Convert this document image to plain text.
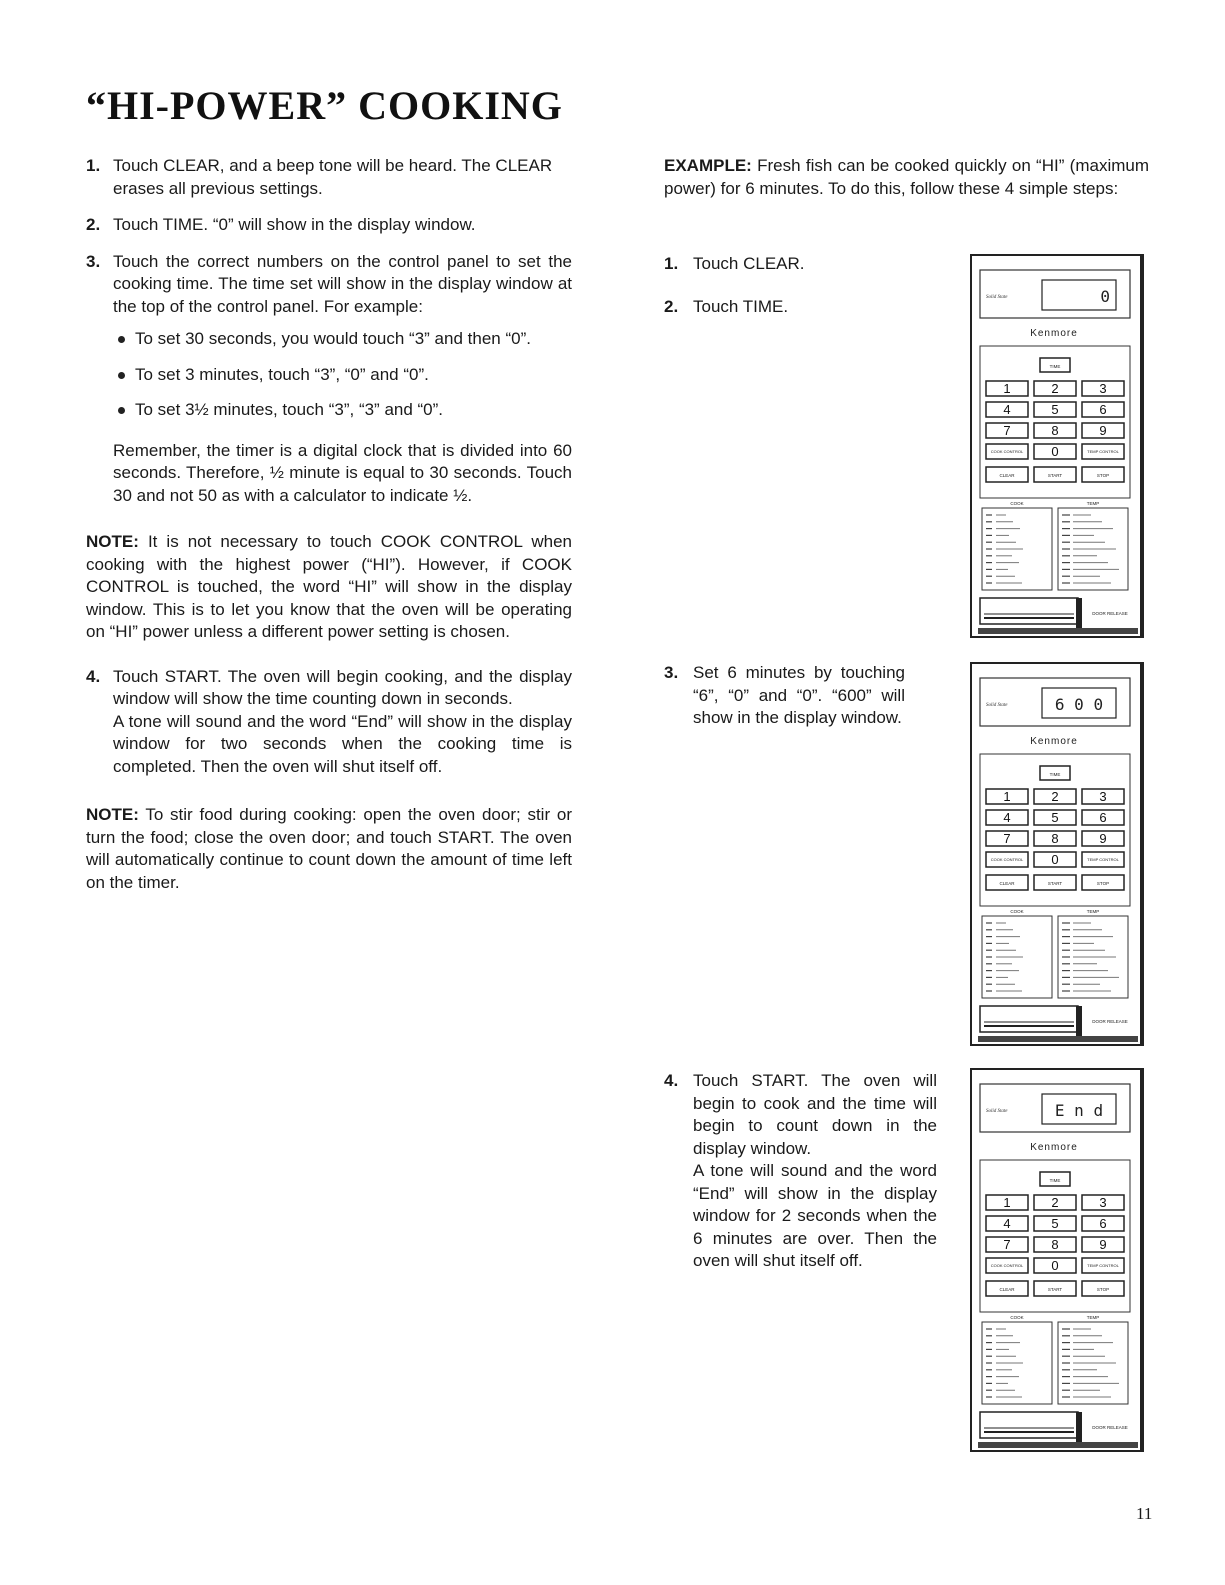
“HI-POWER” COOKING
1. Touch CLEAR, and a beep tone will be heard. The CLEAR erases all previous settings.
2. Touch TIME. “0” will show in the display window.
3. Touch the correct numbers on the control panel to set the cooking time. The time set will show in the display window at the top of the control panel. For example:
To set 30 seconds, you would touch “3” and then “0”.
To set 3 minutes, touch “3”, “0” and “0”.
To set 3½ minutes, touch “3”, “3” and “0”.

Remember, the timer is a digital clock that is divided into 60 seconds. Therefore, ½ minute is equal to 30 seconds. Touch 30 and not 50 as with a calculator to indicate ½.

NOTE: It is not necessary to touch COOK CONTROL when cooking with the highest power (“HI”). However, if COOK CONTROL is touched, the word “HI” will show in the display window. This is to let you know that the oven will be operating on “HI” power unless a different power setting is chosen.

4. Touch START. The oven will begin cooking, and the display window will show the time counting down in seconds.
A tone will sound and the word “End” will show in the display window for two seconds when the cooking time is completed. Then the oven will shut itself off.

NOTE: To stir food during cooking: open the oven door; stir or turn the food; close the oven door; and touch START. The oven will automatically continue to count down the amount of time left on the timer.

EXAMPLE: Fresh fish can be cooked quickly on “HI” (maximum power) for 6 minutes. To do this, follow these 4 simple steps:

1. Touch CLEAR.
2. Touch TIME.
3. Set 6 minutes by touching “6”, “0” and “0”. “600” will show in the display window.
4. Touch START. The oven will begin to cook and the time will begin to count down in the display window.
A tone will sound and the word “End” will show in the display window for 2 seconds when the 6 minutes are over. Then the oven will shut itself off.
Solid State	0
Kenmore
TIME
1	2	3
4	5	6
7	8	9
COOK CONTROL 0	TEMP CONTROL
CLEAR	START	STOP
COOK	TEMP
DOOR RELEASE
Solid State	6 0 0
Kenmore
TIME
1	2	3
4	5	6
7	8	9
COOK CONTROL 0	TEMP CONTROL
CLEAR	START	STOP
COOK	TEMP
DOOR RELEASE
Solid State	E n d
Kenmore
TIME
1	2	3
4	5	6
7	8	9
COOK CONTROL 0	TEMP CONTROL
CLEAR	START	STOP
COOK	TEMP
DOOR RELEASE
11
